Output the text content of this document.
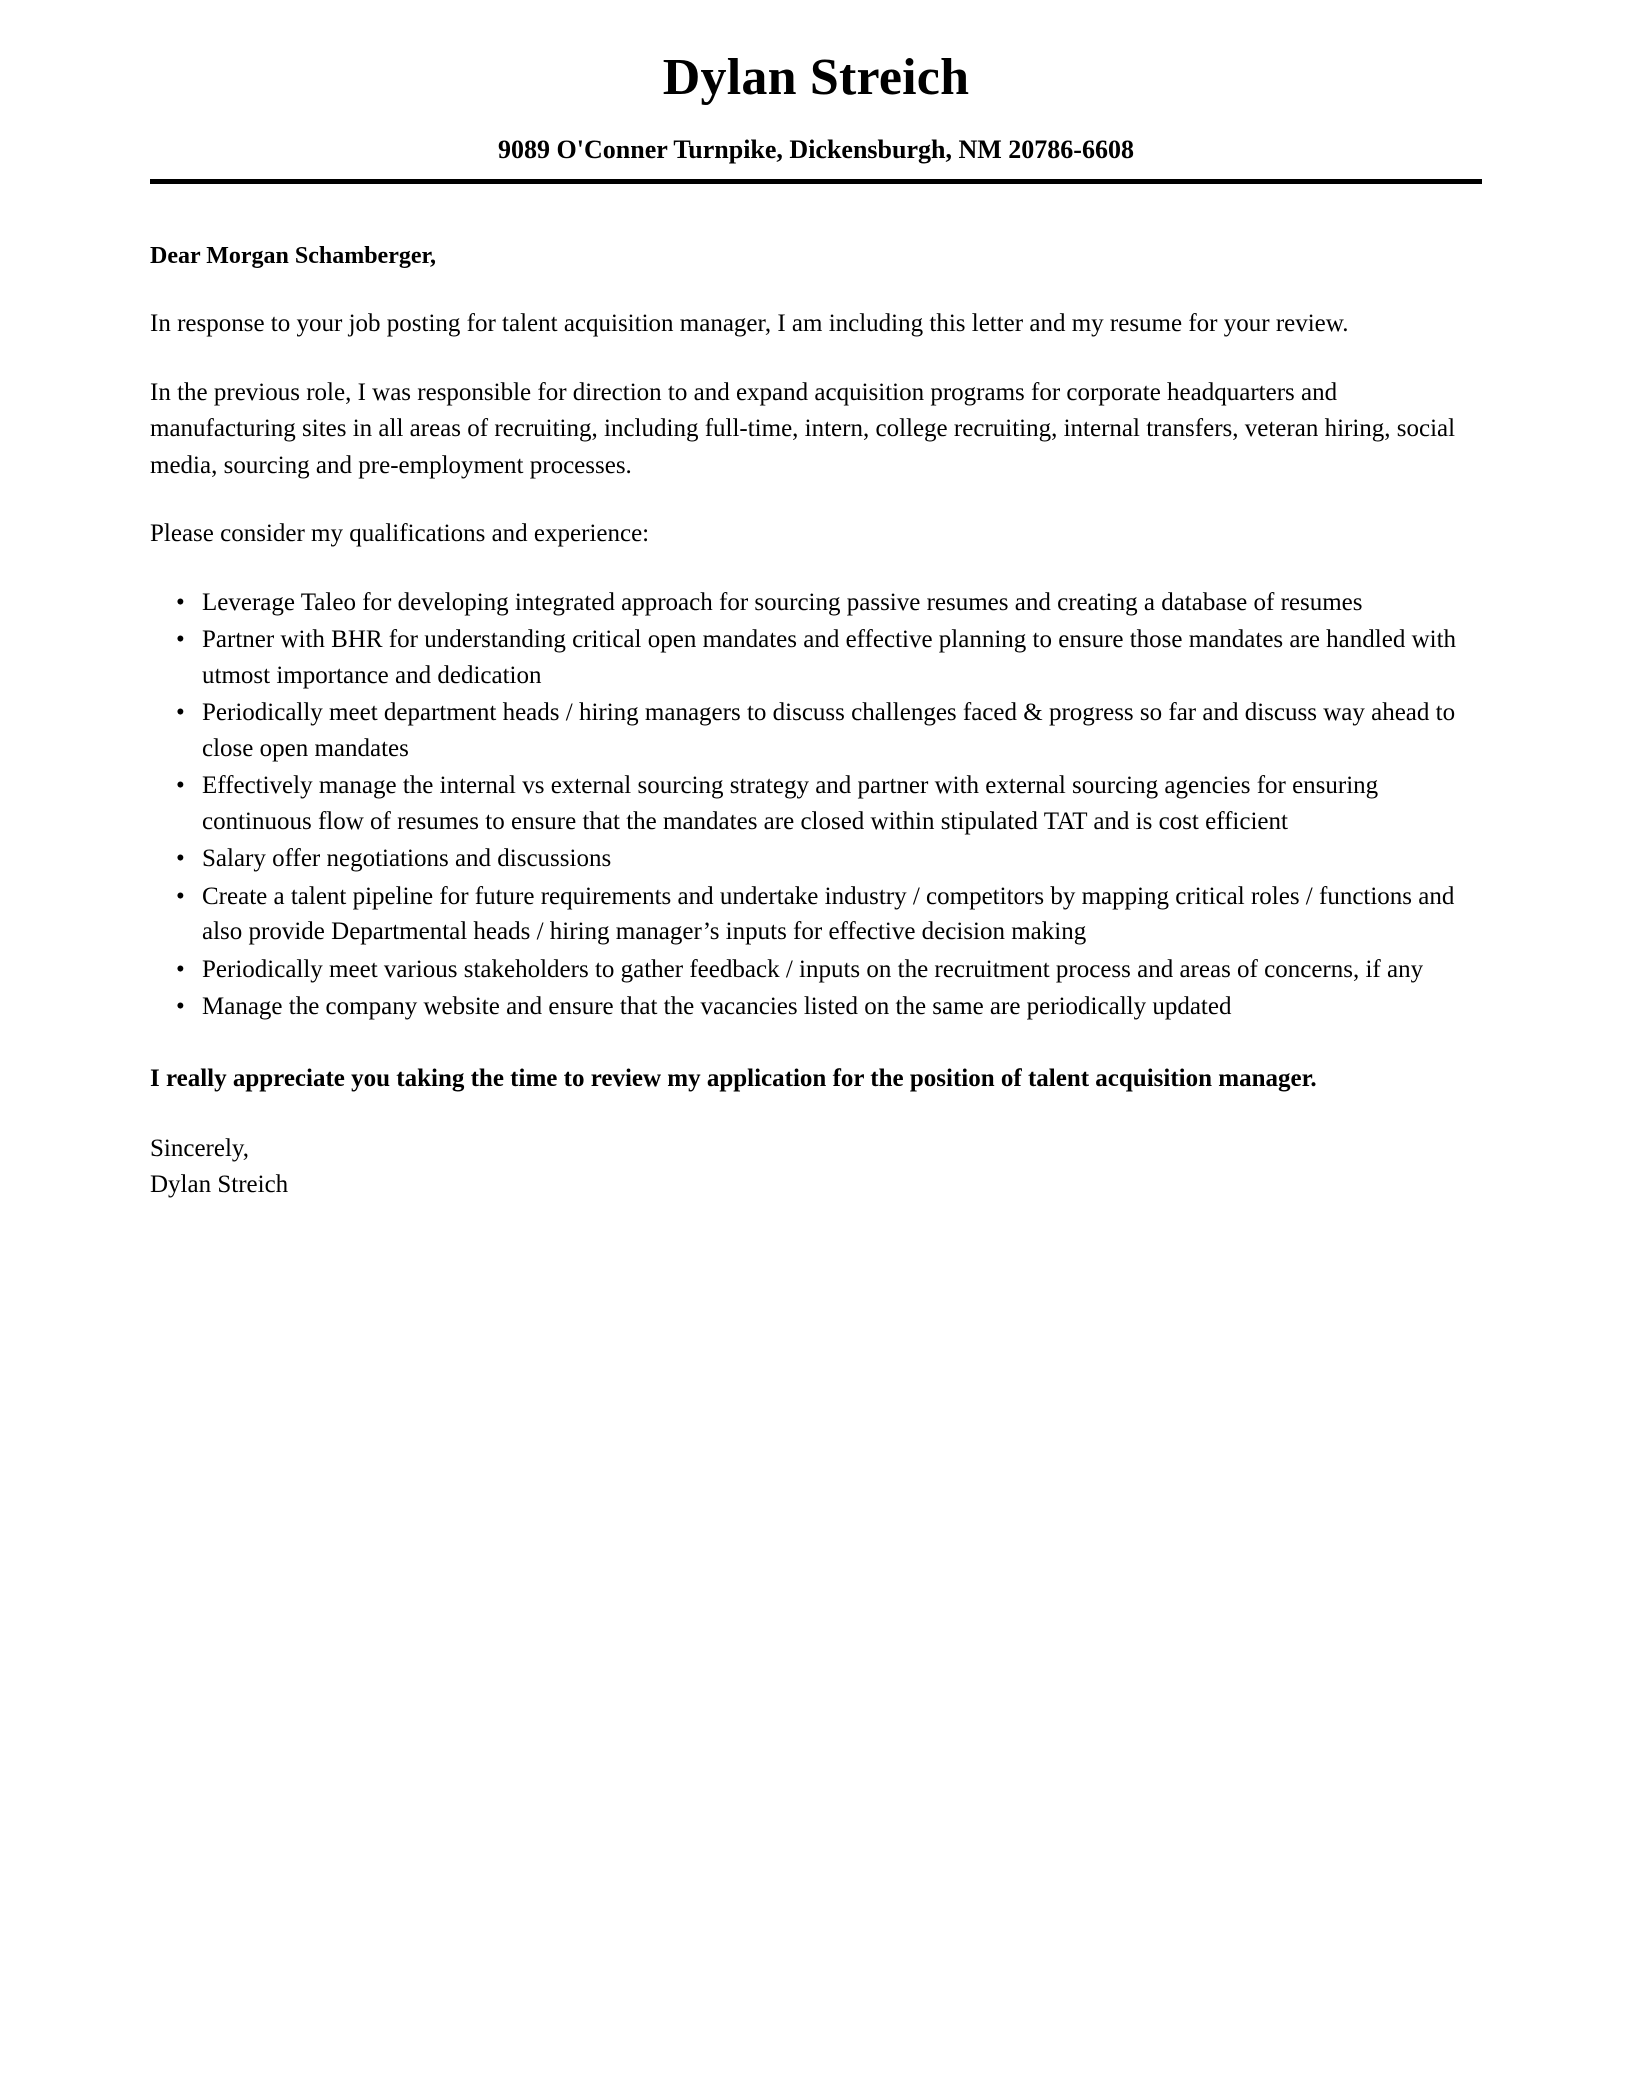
Dylan Streich
9089 O'Conner Turnpike, Dickensburgh, NM 20786-6608
Dear Morgan Schamberger,

In response to your job posting for talent acquisition manager, I am including this letter and my resume for your review.

In the previous role, I was responsible for direction to and expand acquisition programs for corporate headquarters and manufacturing sites in all areas of recruiting, including full-time, intern, college recruiting, internal transfers, veteran hiring, social media, sourcing and pre-employment processes.

Please consider my qualifications and experience:

• Leverage Taleo for developing integrated approach for sourcing passive resumes and creating a database of resumes
• Partner with BHR for understanding critical open mandates and effective planning to ensure those mandates are handled with utmost importance and dedication
• Periodically meet department heads / hiring managers to discuss challenges faced & progress so far and discuss way ahead to close open mandates
• Effectively manage the internal vs external sourcing strategy and partner with external sourcing agencies for ensuring continuous flow of resumes to ensure that the mandates are closed within stipulated TAT and is cost efficient
• Salary offer negotiations and discussions
• Create a talent pipeline for future requirements and undertake industry / competitors by mapping critical roles / functions and also provide Departmental heads / hiring manager’s inputs for effective decision making
• Periodically meet various stakeholders to gather feedback / inputs on the recruitment process and areas of concerns, if any
• Manage the company website and ensure that the vacancies listed on the same are periodically updated

I really appreciate you taking the time to review my application for the position of talent acquisition manager.

Sincerely,
Dylan Streich
